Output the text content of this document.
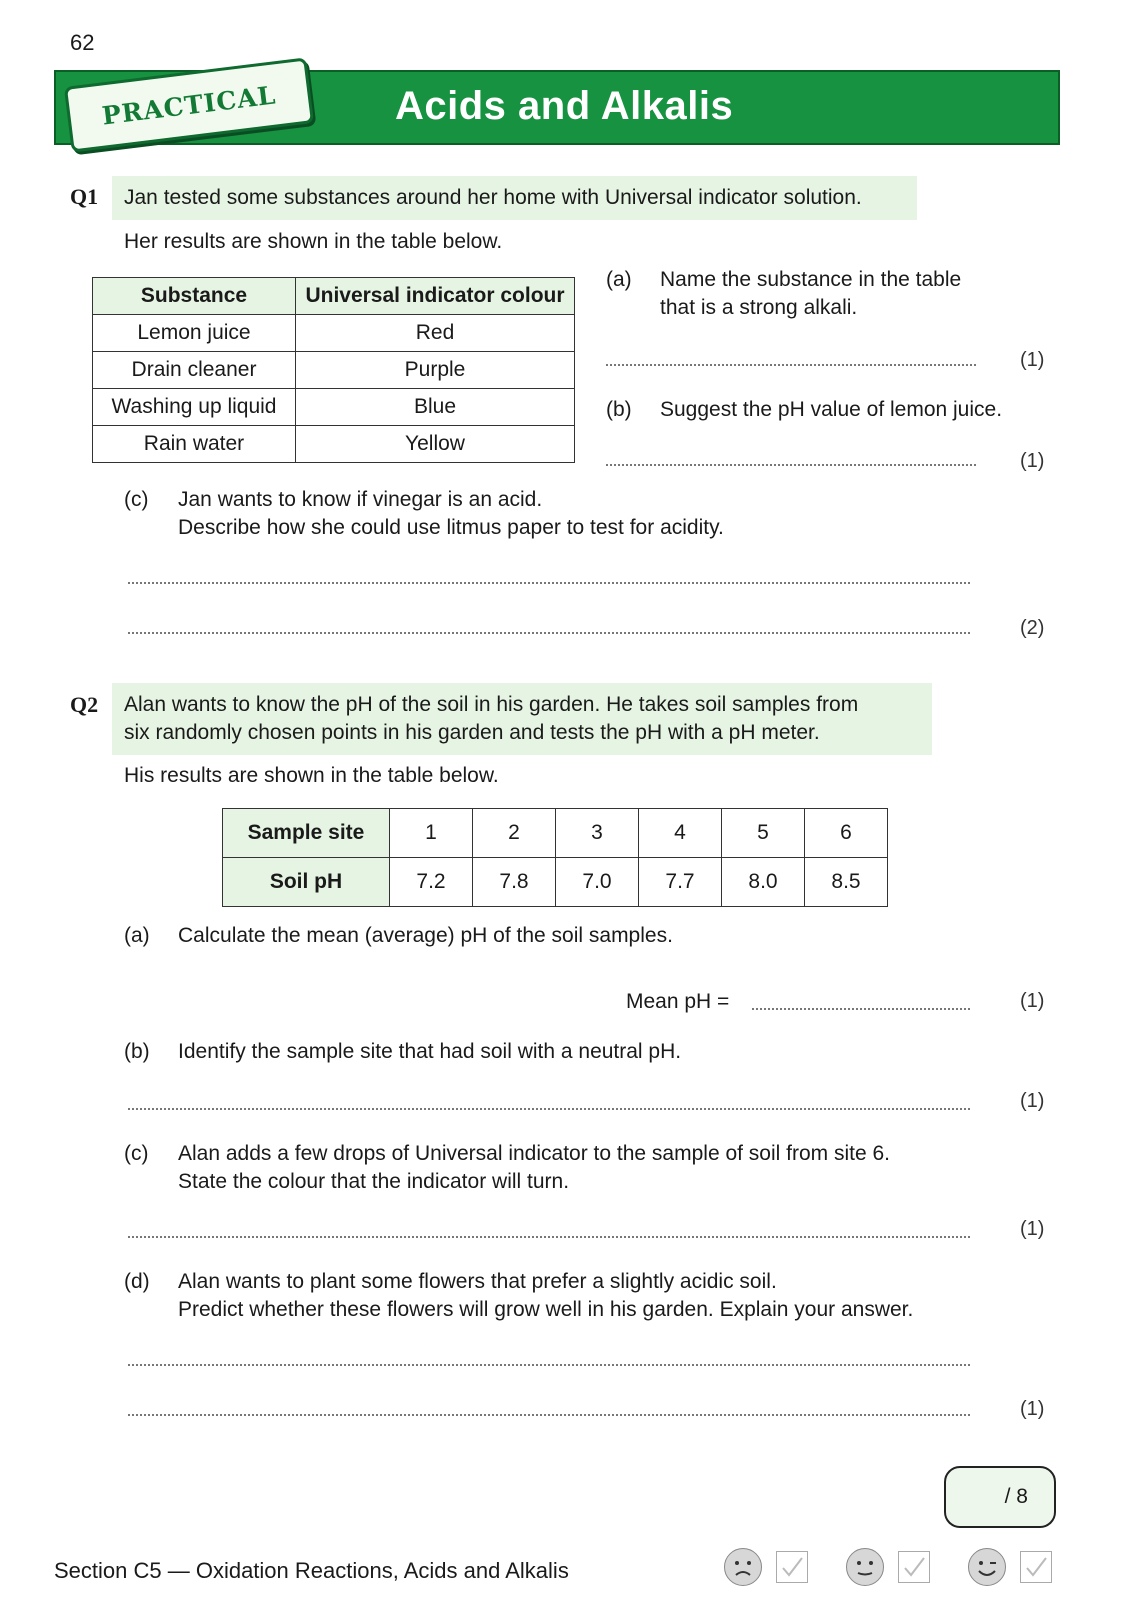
62
Acids and Alkalis
PRACTICAL
Q1	Jan tested some substances around her home with Universal indicator solution.
Her results are shown in the table below.
Substance	Universal indicator colour
Lemon juice	Red
Drain cleaner	Purple
Washing up liquid	Blue
Rain water	Yellow
(a) Name the substance in the table
that is a strong alkali.
(1)
(b) Suggest the pH value of lemon juice.
(1)
(c) Jan wants to know if vinegar is an acid.
Describe how she could use litmus paper to test for acidity.
(2)
Q2 Alan wants to know the pH of the soil in his garden. He takes soil samples from
six randomly chosen points in his garden and tests the pH with a pH meter.
His results are shown in the table below.
Sample site	1	2	3	4	5	6
Soil pH	7.2	7.8	7.0	7.7	8.0	8.5
(a) Calculate the mean (average) pH of the soil samples.
Mean pH =	(1)
(b) Identify the sample site that had soil with a neutral pH.
(1)
(c) Alan adds a few drops of Universal indicator to the sample of soil from site 6.
State the colour that the indicator will turn.
(1)
(d) Alan wants to plant some flowers that prefer a slightly acidic soil.
Predict whether these flowers will grow well in his garden. Explain your answer.
(1)
/ 8
Section C5 — Oxidation Reactions, Acids and Alkalis
